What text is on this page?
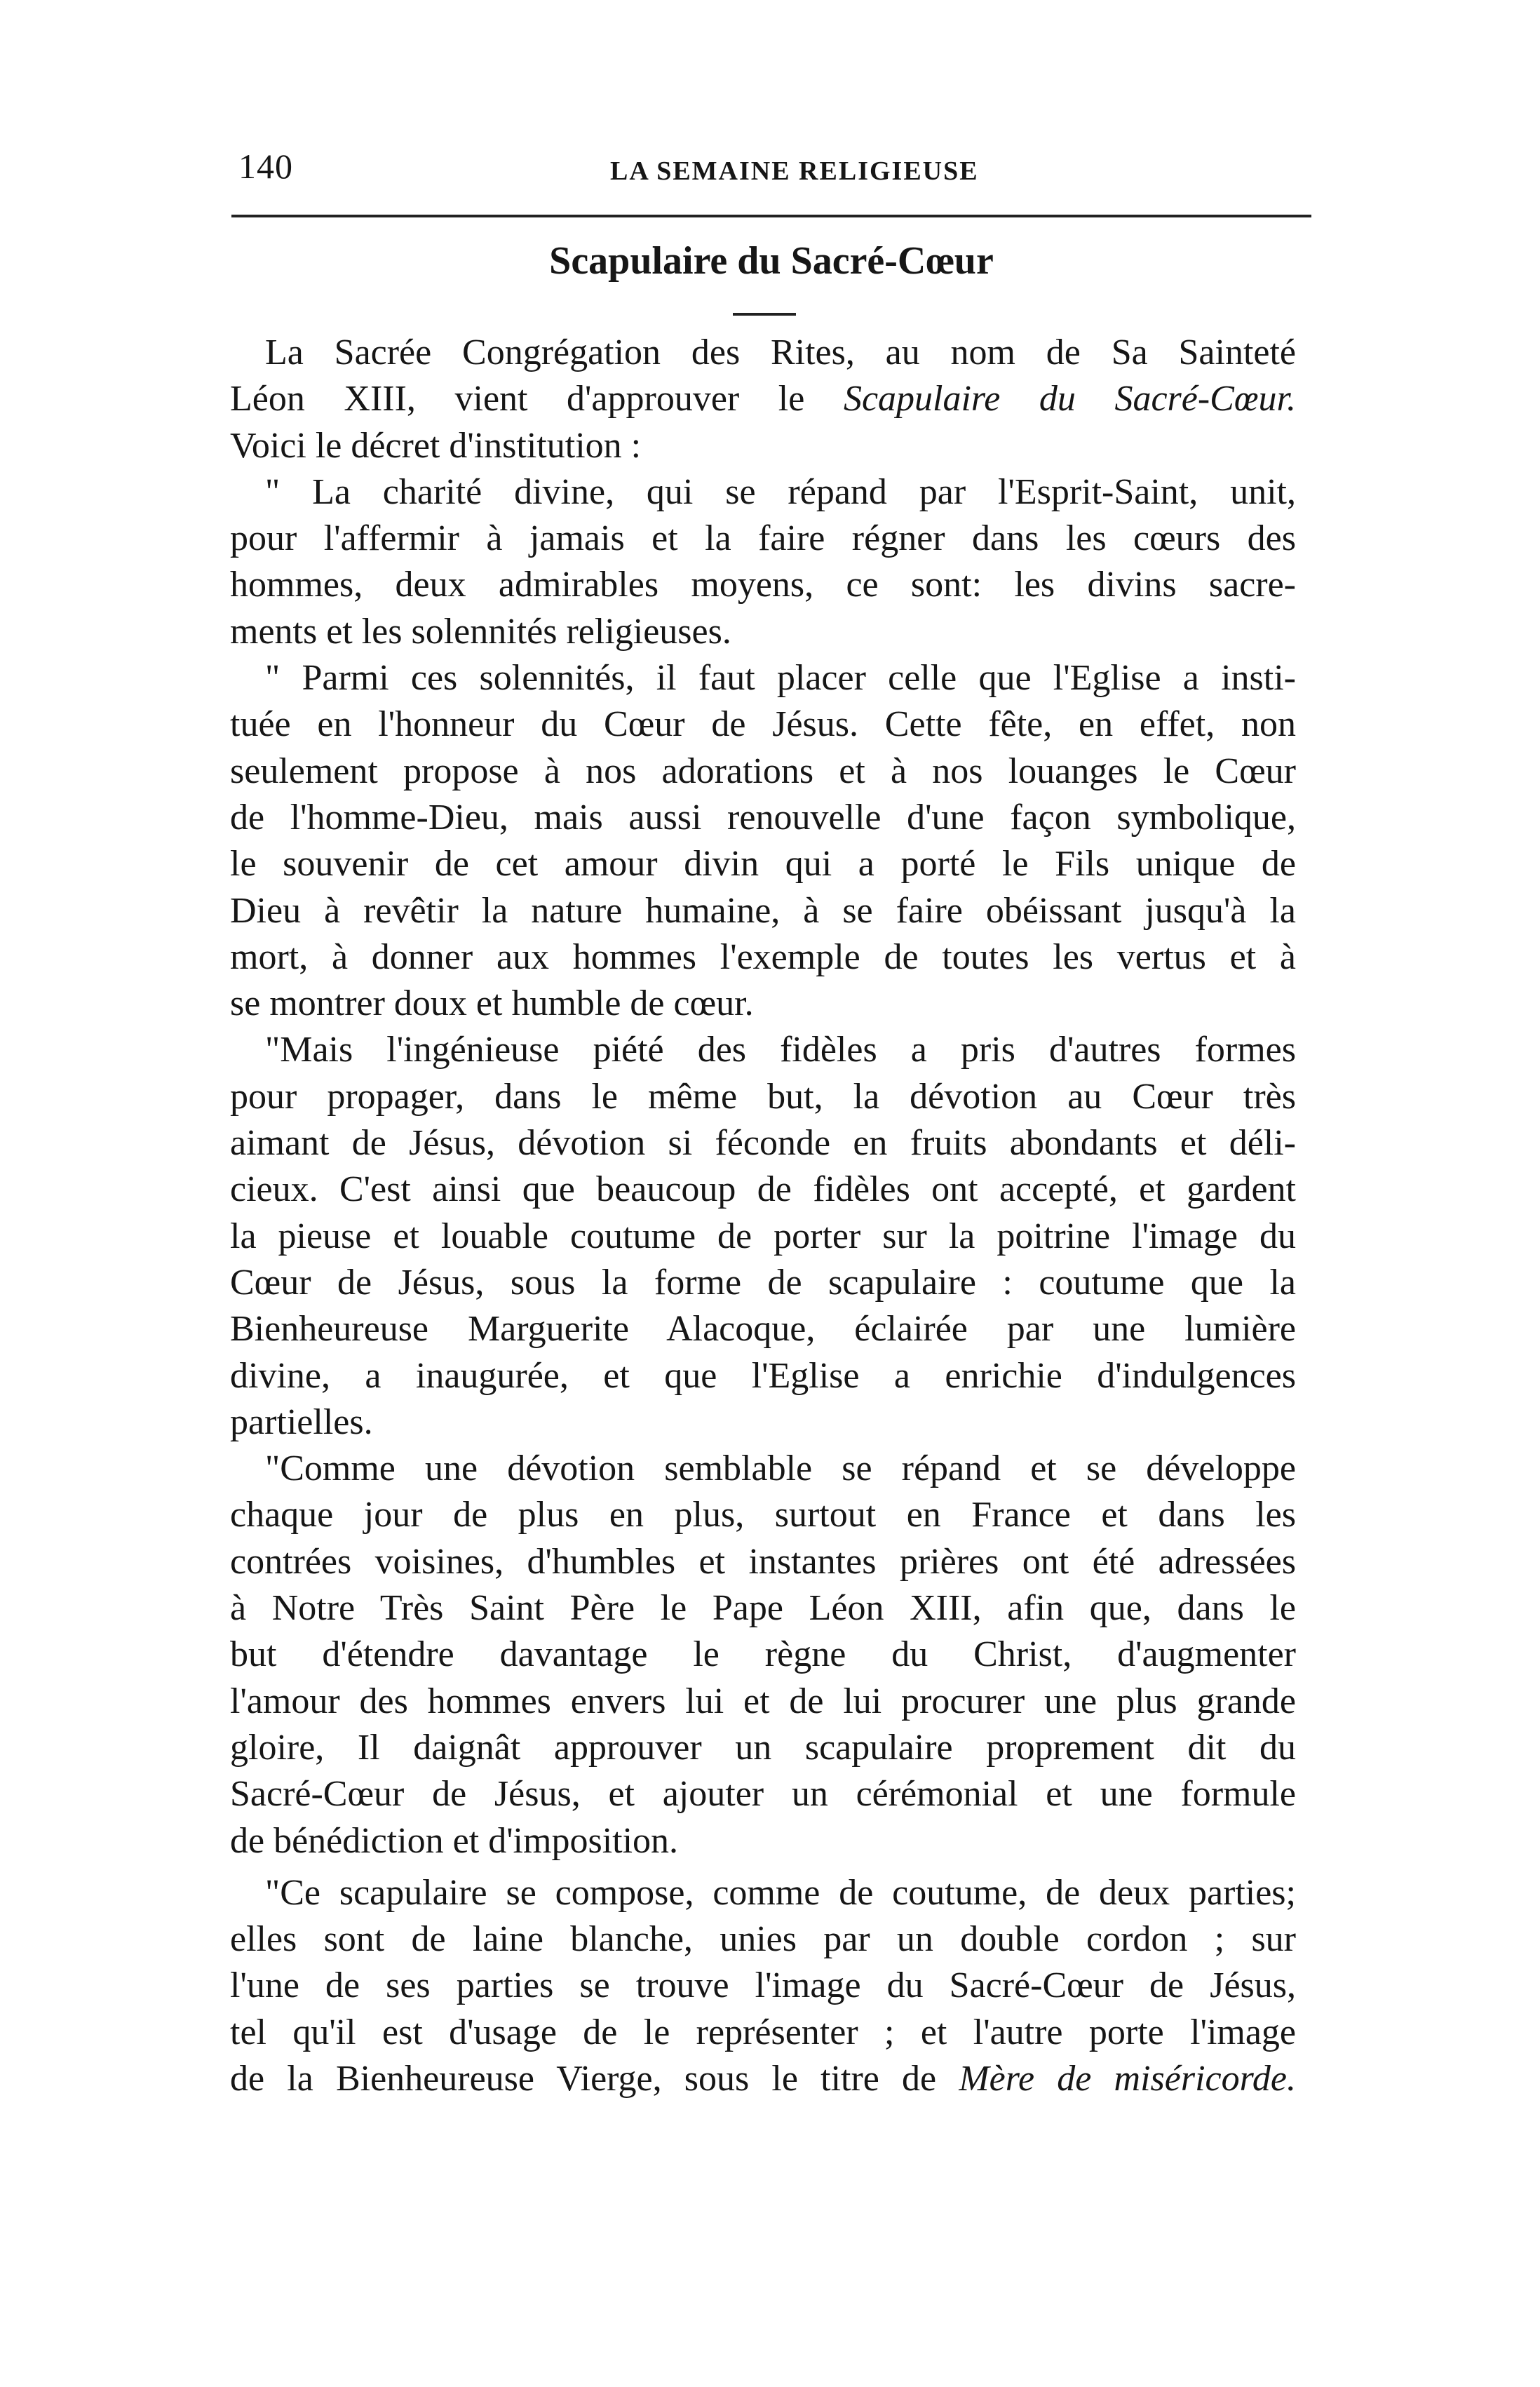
140	LA SEMAINE RELIGIEUSE
Scapulaire du Sacré-Cœur
La Sacrée Congrégation des Rites, au nom de Sa Sainteté
Léon XIII, vient d'approuver le Scapulaire du Sacré-Cœur.
Voici le décret d'institution :
" La charité divine, qui se répand par l'Esprit-Saint, unit,
pour l'affermir à jamais et la faire régner dans les cœurs des
hommes, deux admirables moyens, ce sont: les divins sacre-
ments et les solennités religieuses.
" Parmi ces solennités, il faut placer celle que l'Eglise a insti-
tuée en l'honneur du Cœur de Jésus. Cette fête, en effet, non
seulement propose à nos adorations et à nos louanges le Cœur
de l'homme-Dieu, mais aussi renouvelle d'une façon symbolique,
le souvenir de cet amour divin qui a porté le Fils unique de
Dieu à revêtir la nature humaine, à se faire obéissant jusqu'à la
mort, à donner aux hommes l'exemple de toutes les vertus et à
se montrer doux et humble de cœur.
"Mais l'ingénieuse piété des fidèles a pris d'autres formes
pour propager, dans le même but, la dévotion au Cœur très
aimant de Jésus, dévotion si féconde en fruits abondants et déli-
cieux. C'est ainsi que beaucoup de fidèles ont accepté, et gardent
la pieuse et louable coutume de porter sur la poitrine l'image du
Cœur de Jésus, sous la forme de scapulaire : coutume que la
Bienheureuse Marguerite Alacoque, éclairée par une lumière
divine, a inaugurée, et que l'Eglise a enrichie d'indulgences
partielles.
"Comme une dévotion semblable se répand et se développe
chaque jour de plus en plus, surtout en France et dans les
contrées voisines, d'humbles et instantes prières ont été adressées
à Notre Très Saint Père le Pape Léon XIII, afin que, dans le
but d'étendre davantage le règne du Christ, d'augmenter
l'amour des hommes envers lui et de lui procurer une plus grande
gloire, Il daignât approuver un scapulaire proprement dit du
Sacré-Cœur de Jésus, et ajouter un cérémonial et une formule
de bénédiction et d'imposition.
"Ce scapulaire se compose, comme de coutume, de deux parties;
elles sont de laine blanche, unies par un double cordon ; sur
l'une de ses parties se trouve l'image du Sacré-Cœur de Jésus,
tel qu'il est d'usage de le représenter ; et l'autre porte l'image
de la Bienheureuse Vierge, sous le titre de Mère de miséricorde.
